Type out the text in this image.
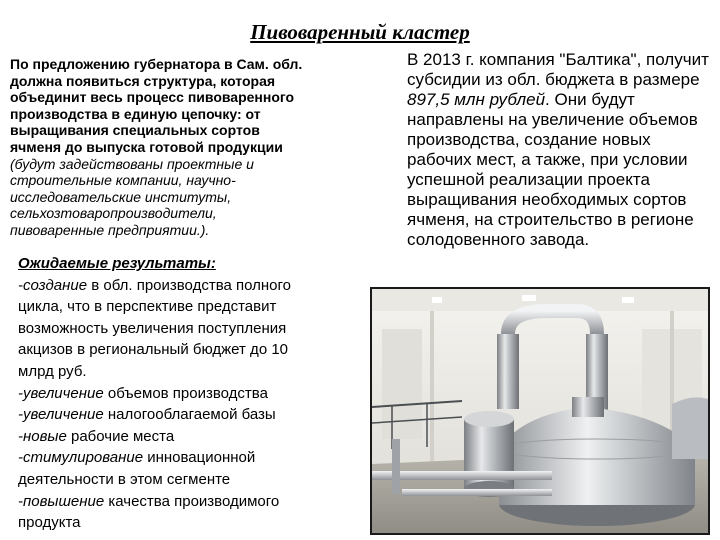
Пивоваренный кластер
По предложению губернатора в Сам. обл.
должна появиться структура, которая
объединит весь процесс пивоваренного
производства в единую цепочку: от
выращивания специальных сортов
ячменя до выпуска готовой продукции
(будут задействованы проектные и
строительные компании, научно-
исследовательские институты,
сельхозтоваропроизводители,
пивоваренные предприятии.).
Ожидаемые результаты:
-создание в обл. производства полного
цикла, что в перспективе представит
возможность увеличения поступления
акцизов в региональный бюджет до 10
млрд руб.
-увеличение объемов производства
-увеличение налогооблагаемой базы
-новые рабочие места
-стимулирование инновационной
деятельности в этом сегменте
-повышение качества производимого
продукта
В 2013 г. компания "Балтика", получит субсидии из обл. бюджета в размере 897,5 млн рублей. Они будут направлены на увеличение объемов производства, создание новых рабочих мест, а также, при условии успешной реализации проекта выращивания необходимых сортов ячменя, на строительство в регионе солодовенного завода.
